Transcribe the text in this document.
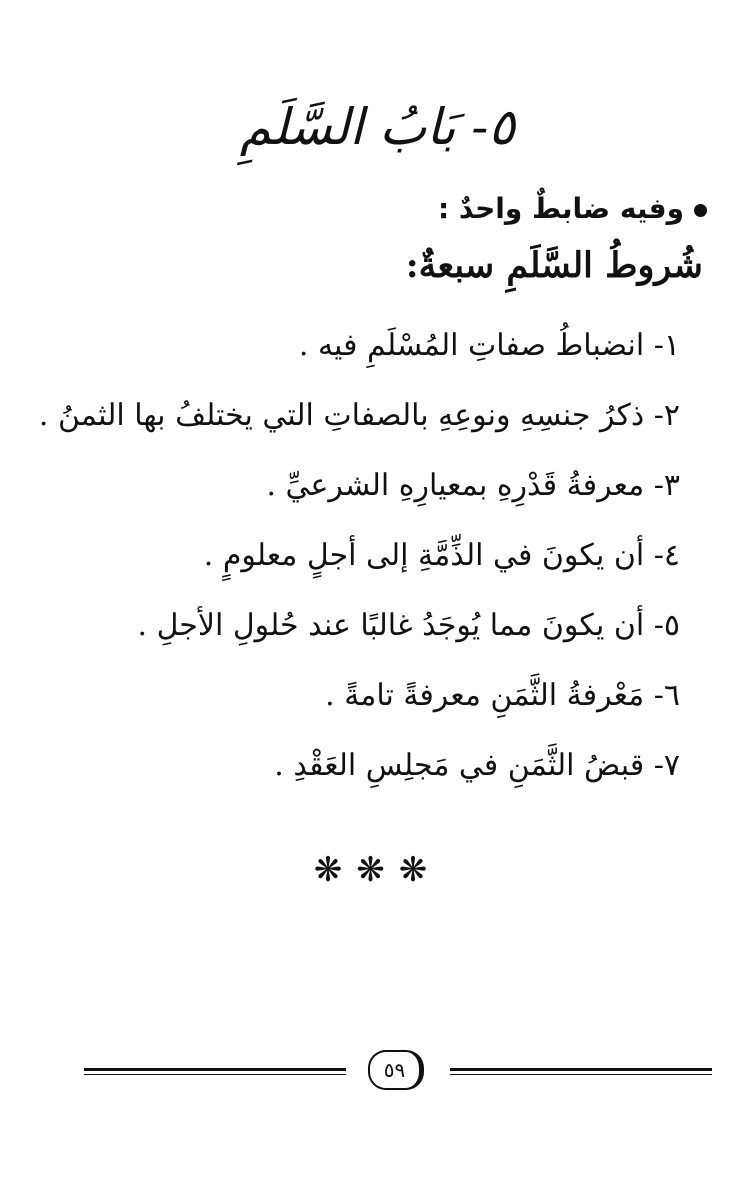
٥- بَابُ السَّلَمِ
وفيه ضابطٌ واحدٌ :
شُروطُ السَّلَمِ سبعةٌ:
١- انضباطُ صفاتِ المُسْلَمِ فيه .
٢- ذكرُ جنسِهِ ونوعِهِ بالصفاتِ التي يختلفُ بها الثمنُ .
٣- معرفةُ قَدْرِهِ بمعيارِهِ الشرعيِّ .
٤- أن يكونَ في الذِّمَّةِ إلى أجلٍ معلومٍ .
٥- أن يكونَ مما يُوجَدُ غالبًا عند حُلولِ الأجلِ .
٦- مَعْرفةُ الثَّمَنِ معرفةً تامةً .
٧- قبضُ الثَّمَنِ في مَجلِسِ العَقْدِ .
❋❋❋
٥٩
